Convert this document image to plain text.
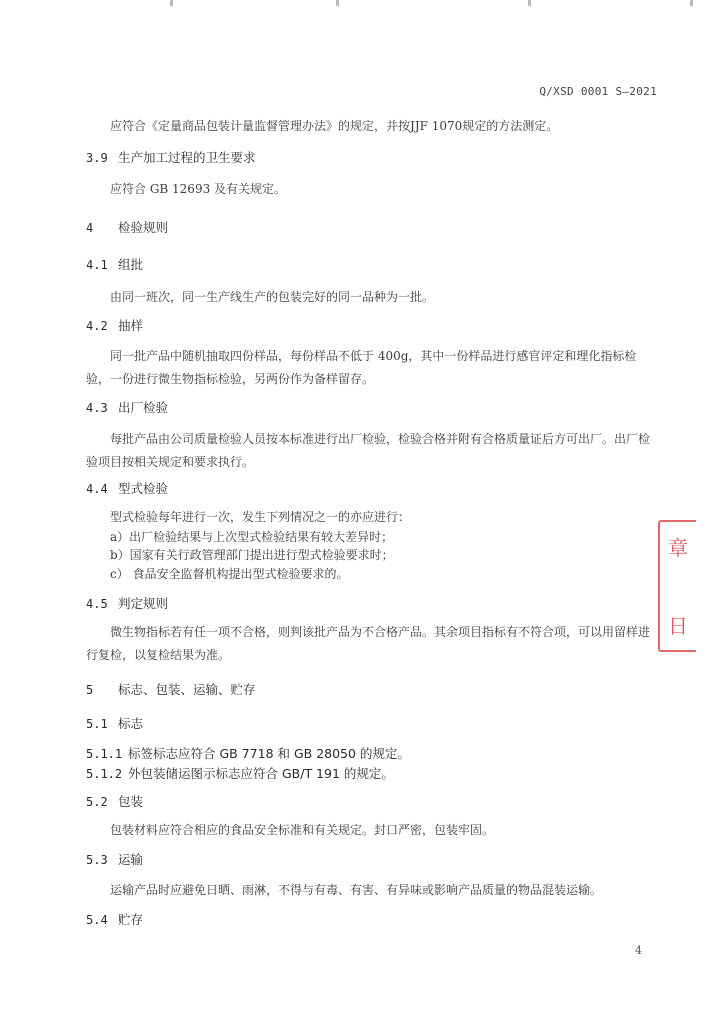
Q/XSD 0001 S—2021
应符合《定量商品包装计量监督管理办法》的规定，并按JJF 1070规定的方法测定。
3.9 生产加工过程的卫生要求
应符合 GB 12693 及有关规定。
4 检验规则
4.1 组批
由同一班次，同一生产线生产的包装完好的同一品种为一批。
4.2 抽样
同一批产品中随机抽取四份样品，每份样品不低于 400g，其中一份样品进行感官评定和理化指标检验，一份进行微生物指标检验，另两份作为备样留存。
4.3 出厂检验
每批产品由公司质量检验人员按本标准进行出厂检验，检验合格并附有合格质量证后方可出厂。出厂检验项目按相关规定和要求执行。
4.4 型式检验
型式检验每年进行一次，发生下列情况之一的亦应进行：
a）出厂检验结果与上次型式检验结果有较大差异时；
b）国家有关行政管理部门提出进行型式检验要求时；
c） 食品安全监督机构提出型式检验要求的。
4.5 判定规则
微生物指标若有任一项不合格，则判该批产品为不合格产品。其余项目指标有不符合项，可以用留样进行复检，以复检结果为准。
5 标志、包装、运输、贮存
5.1 标志
5.1.1 标签标志应符合 GB 7718 和 GB 28050 的规定。
5.1.2 外包装储运图示标志应符合 GB/T 191 的规定。
5.2 包装
包装材料应符合相应的食品安全标准和有关规定。封口严密，包装牢固。
5.3 运输
运输产品时应避免日晒、雨淋，不得与有毒、有害、有异味或影响产品质量的物品混装运输。
5.4 贮存
4
章
日
